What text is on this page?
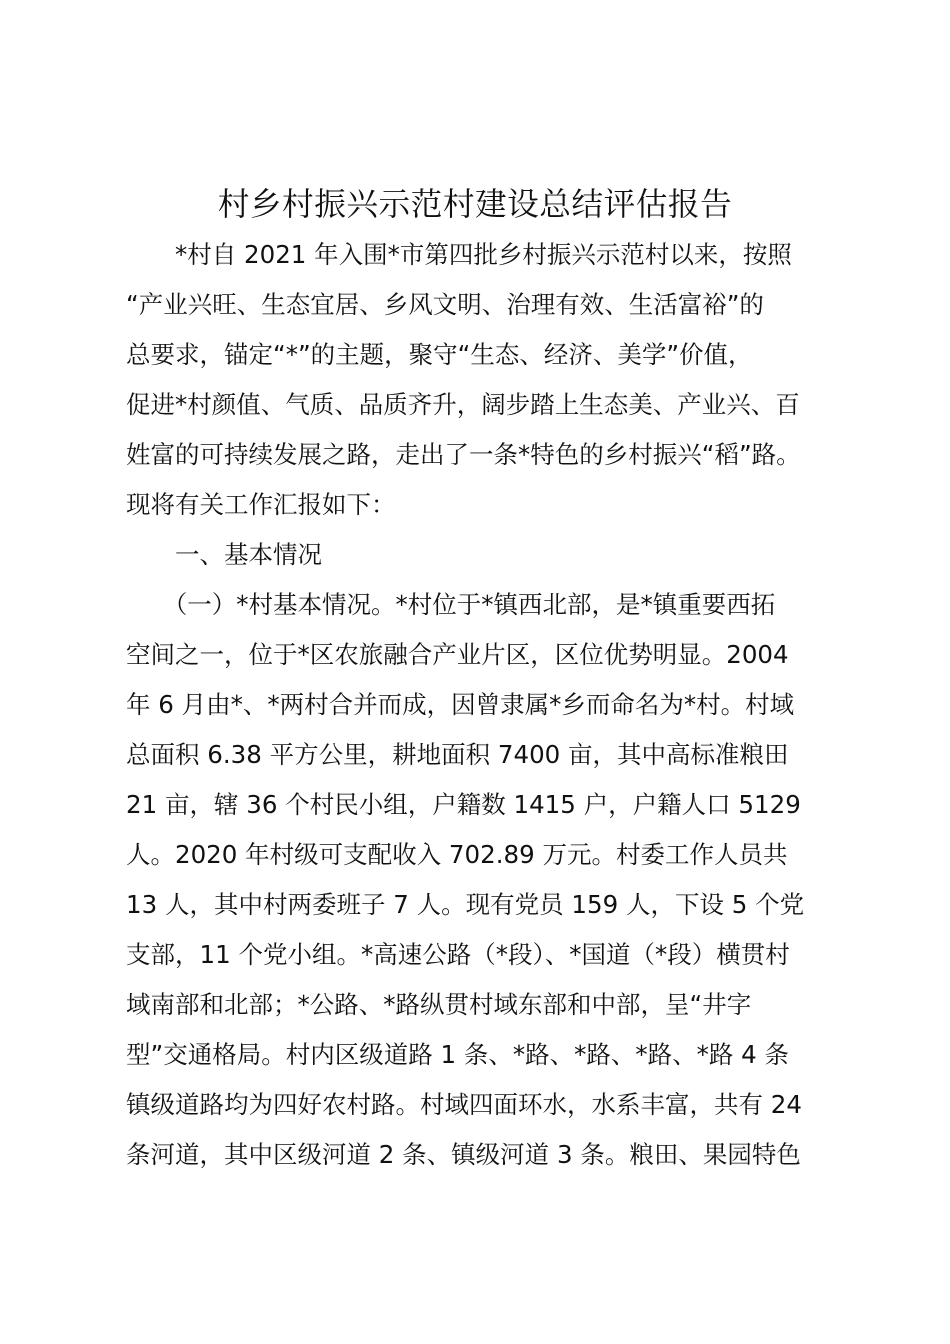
村乡村振兴示范村建设总结评估报告
　　*村自 2021 年入围*市第四批乡村振兴示范村以来，按照
“产业兴旺、生态宜居、乡风文明、治理有效、生活富裕”的
总要求，锚定“*”的主题，聚守“生态、经济、美学”价值，
促进*村颜值、气质、品质齐升，阔步踏上生态美、产业兴、百
姓富的可持续发展之路，走出了一条*特色的乡村振兴“稻”路。
现将有关工作汇报如下：
　　一、基本情况
　　（一）*村基本情况。*村位于*镇西北部，是*镇重要西拓
空间之一，位于*区农旅融合产业片区，区位优势明显。2004
年 6 月由*、*两村合并而成，因曾隶属*乡而命名为*村。村域
总面积 6.38 平方公里，耕地面积 7400 亩，其中高标准粮田
21 亩，辖 36 个村民小组，户籍数 1415 户，户籍人口 5129
人。2020 年村级可支配收入 702.89 万元。村委工作人员共
13 人，其中村两委班子 7 人。现有党员 159 人，下设 5 个党
支部，11 个党小组。*高速公路（*段）、*国道（*段）横贯村
域南部和北部；*公路、*路纵贯村域东部和中部，呈“井字
型”交通格局。村内区级道路 1 条、*路、*路、*路、*路 4 条
镇级道路均为四好农村路。村域四面环水，水系丰富，共有 24
条河道，其中区级河道 2 条、镇级河道 3 条。粮田、果园特色
